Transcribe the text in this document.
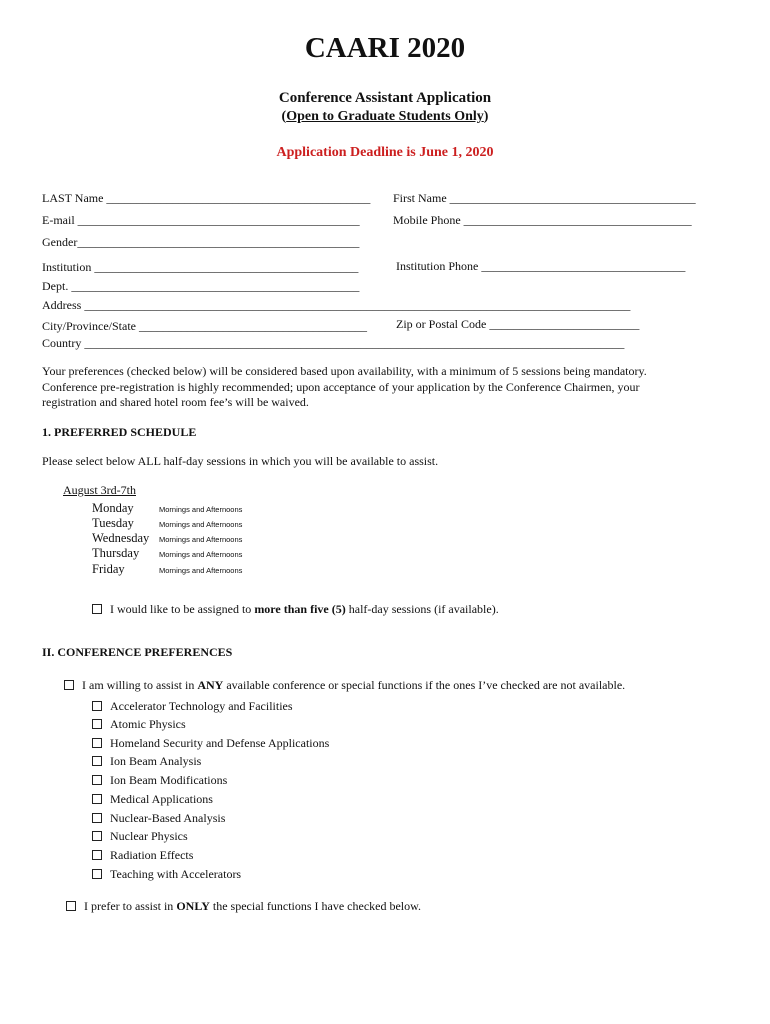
CAARI 2020
Conference Assistant Application
(Open to Graduate Students Only)
Application Deadline is June 1, 2020
LAST Name ____________________________________________ First Name _________________________________________
E-mail _______________________________________________	Mobile Phone ______________________________________
Gender_______________________________________________
Institution ____________________________________________	Institution Phone __________________________________
Dept. ________________________________________________
Address ___________________________________________________________________________________________
City/Province/State ______________________________________ Zip or Postal Code _________________________
Country __________________________________________________________________________________________
Your preferences (checked below) will be considered based upon availability, with a minimum of 5 sessions being mandatory. Conference pre-registration is highly recommended; upon acceptance of your application by the Conference Chairmen, your registration and shared hotel room fee’s will be waived.
1. PREFERRED SCHEDULE
Please select below ALL half-day sessions in which you will be available to assist.
August 3rd-7th
Monday	Mornings and Afternoons
Tuesday	Mornings and Afternoons
Wednesday Mornings and Afternoons
Thursday	Mornings and Afternoons
Friday	Mornings and Afternoons
I would like to be assigned to more than five (5) half-day sessions (if available).
II. CONFERENCE PREFERENCES
I am willing to assist in ANY available conference or special functions if the ones I’ve checked are not available.
Accelerator Technology and Facilities
Atomic Physics
Homeland Security and Defense Applications
Ion Beam Analysis
Ion Beam Modifications
Medical Applications
Nuclear-Based Analysis
Nuclear Physics
Radiation Effects
Teaching with Accelerators
I prefer to assist in ONLY the special functions I have checked below.
